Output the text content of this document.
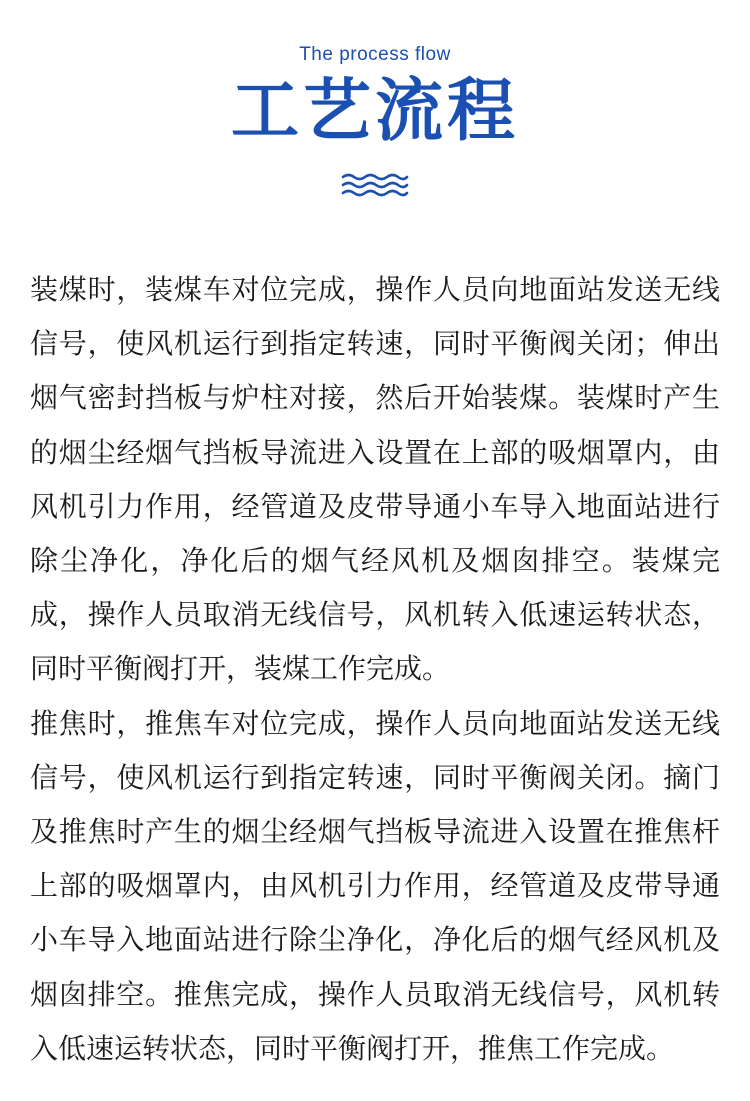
The process flow
工艺流程

装煤时，装煤车对位完成，操作人员向地面站发送无线信号，使风机运行到指定转速，同时平衡阀关闭；伸出烟气密封挡板与炉柱对接，然后开始装煤。装煤时产生的烟尘经烟气挡板导流进入设置在上部的吸烟罩内，由风机引力作用，经管道及皮带导通小车导入地面站进行除尘净化，净化后的烟气经风机及烟囱排空。装煤完成，操作人员取消无线信号，风机转入低速运转状态，同时平衡阀打开，装煤工作完成。

推焦时，推焦车对位完成，操作人员向地面站发送无线信号，使风机运行到指定转速，同时平衡阀关闭。摘门及推焦时产生的烟尘经烟气挡板导流进入设置在推焦杆上部的吸烟罩内，由风机引力作用，经管道及皮带导通小车导入地面站进行除尘净化，净化后的烟气经风机及烟囱排空。推焦完成，操作人员取消无线信号，风机转入低速运转状态，同时平衡阀打开，推焦工作完成。
